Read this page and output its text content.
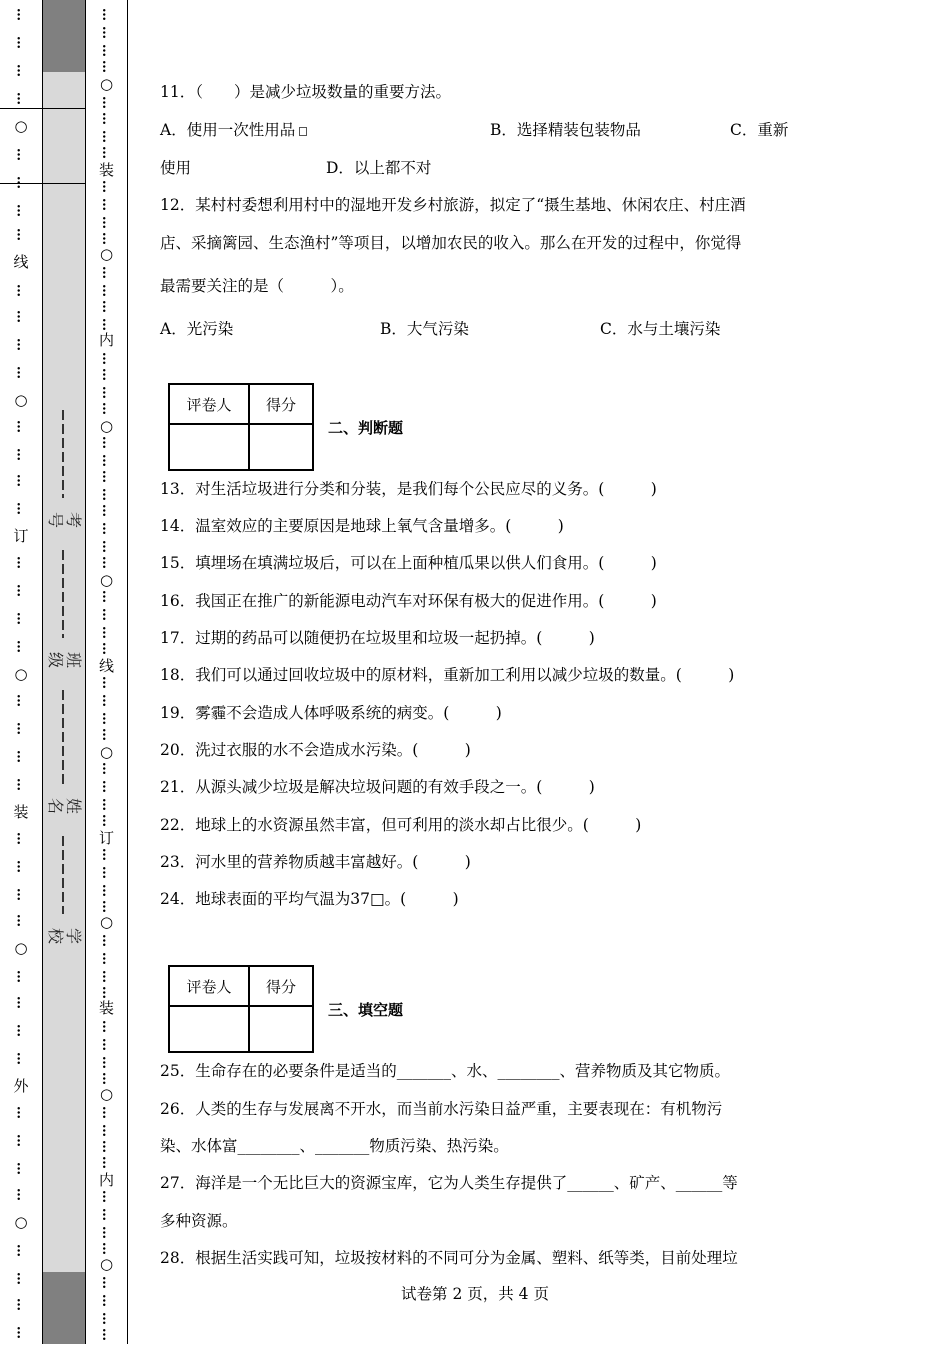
…
…
…
…
○
…
…
…
…
线
…
…
…
…
○
…
…
…
…
订
…
…
…
…
○
…
…
…
…
装
…
…
…
…
○
…
…
…
…
外
…
…
…
…
○
…
…
…
…
考号
班级
姓名
学校
…
…
…
…
○
…
…
…
…
装
…
…
…
…
○
…
…
…
…
内
…
…
…
…
○
…
…
…
…
…
…
…
…
○
…
…
…
…
线
…
…
…
…
○
…
…
…
…
订
…
…
…
…
○
…
…
…
…
装
…
…
…
…
○
…
…
…
…
内
…
…
…
…
○
…
…
…
…
11．（　　）是减少垃圾数量的重要方法。
A．使用一次性用品	B．选择精装包装物品	C．重新
使用	D．以上都不对
12．某村村委想利用村中的湿地开发乡村旅游，拟定了“摄生基地、休闲农庄、村庄酒
店、采摘篱园、生态渔村”等项目，以增加农民的收入。那么在开发的过程中，你觉得
最需要关注的是（　　　）。
A．光污染	B．大气污染	C．水与土壤污染
评卷人	得分

二、判断题
13．对生活垃圾进行分类和分装，是我们每个公民应尽的义务。(　　　)
14．温室效应的主要原因是地球上氧气含量增多。(　　　)
15．填埋场在填满垃圾后，可以在上面种植瓜果以供人们食用。(　　　)
16．我国正在推广的新能源电动汽车对环保有极大的促进作用。(　　　)
17．过期的药品可以随便扔在垃圾里和垃圾一起扔掉。(　　　)
18．我们可以通过回收垃圾中的原材料，重新加工利用以减少垃圾的数量。(　　　)
19．雾霾不会造成人体呼吸系统的病变。(　　　)
20．洗过衣服的水不会造成水污染。(　　　)
21．从源头减少垃圾是解决垃圾问题的有效手段之一。(　　　)
22．地球上的水资源虽然丰富，但可利用的淡水却占比很少。(　　　)
23．河水里的营养物质越丰富越好。(　　　)
24．地球表面的平均气温为37□。(　　　)
评卷人	得分

三、填空题
25．生命存在的必要条件是适当的_______、水、________、营养物质及其它物质。
26．人类的生存与发展离不开水，而当前水污染日益严重，主要表现在：有机物污
染、水体富________、_______物质污染、热污染。
27．海洋是一个无比巨大的资源宝库，它为人类生存提供了______、矿产、______等
多种资源。
28．根据生活实践可知，垃圾按材料的不同可分为金属、塑料、纸等类，目前处理垃
试卷第 2 页，共 4 页
